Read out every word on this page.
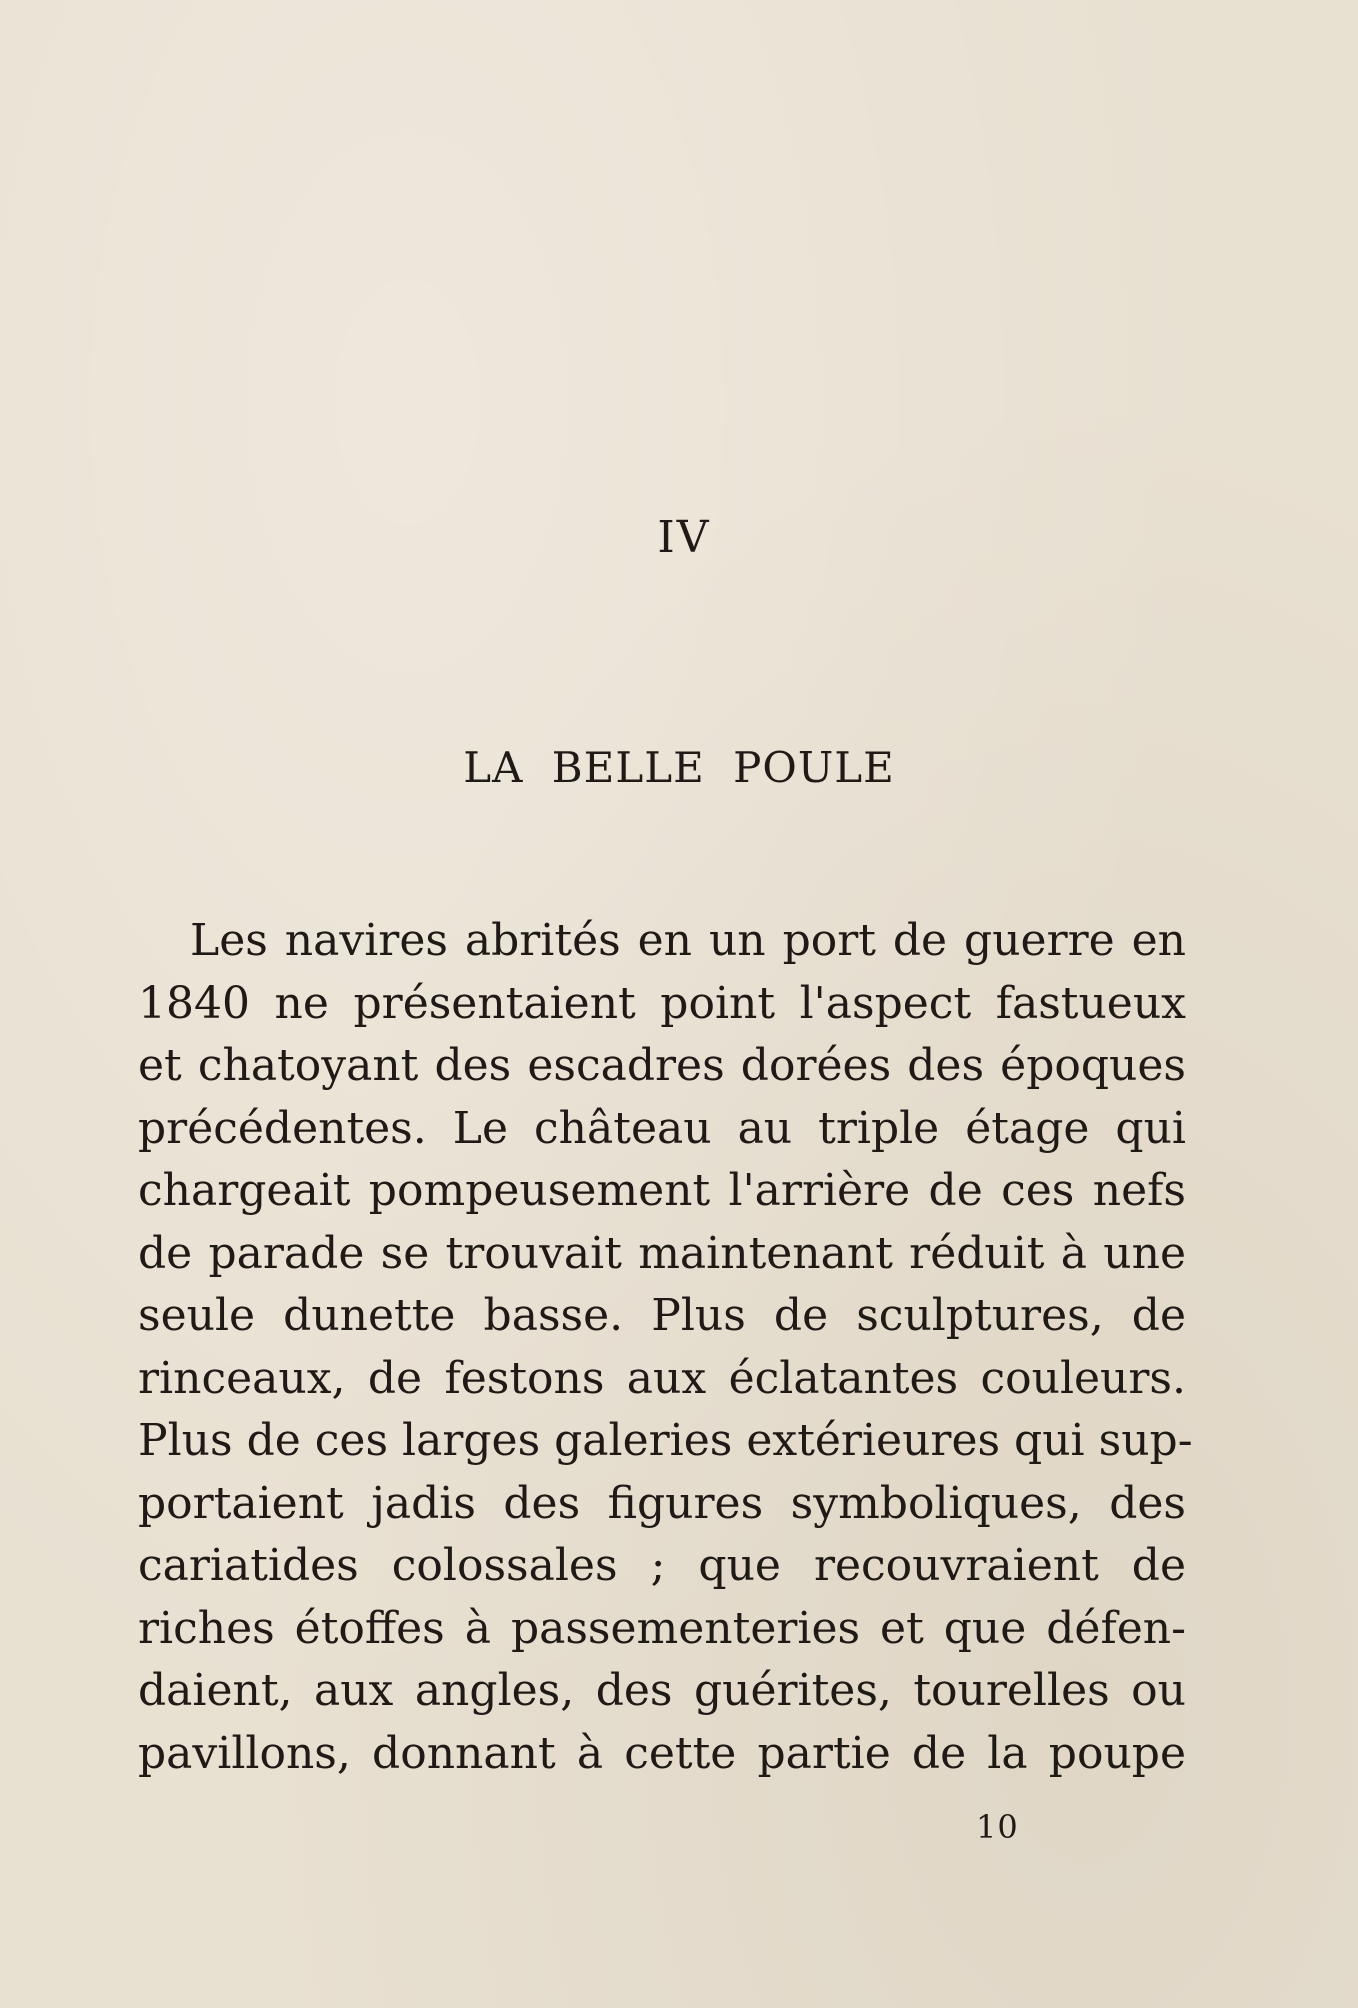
IV
LA BELLE POULE
Les navires abrités en un port de guerre en
1840 ne présentaient point l'aspect fastueux
et chatoyant des escadres dorées des époques
précédentes. Le château au triple étage qui
chargeait pompeusement l'arrière de ces nefs
de parade se trouvait maintenant réduit à une
seule dunette basse. Plus de sculptures, de
rinceaux, de festons aux éclatantes couleurs.
Plus de ces larges galeries extérieures qui sup-
portaient jadis des figures symboliques, des
cariatides colossales ; que recouvraient de
riches étoffes à passementeries et que défen-
daient, aux angles, des guérites, tourelles ou
pavillons, donnant à cette partie de la poupe
10
